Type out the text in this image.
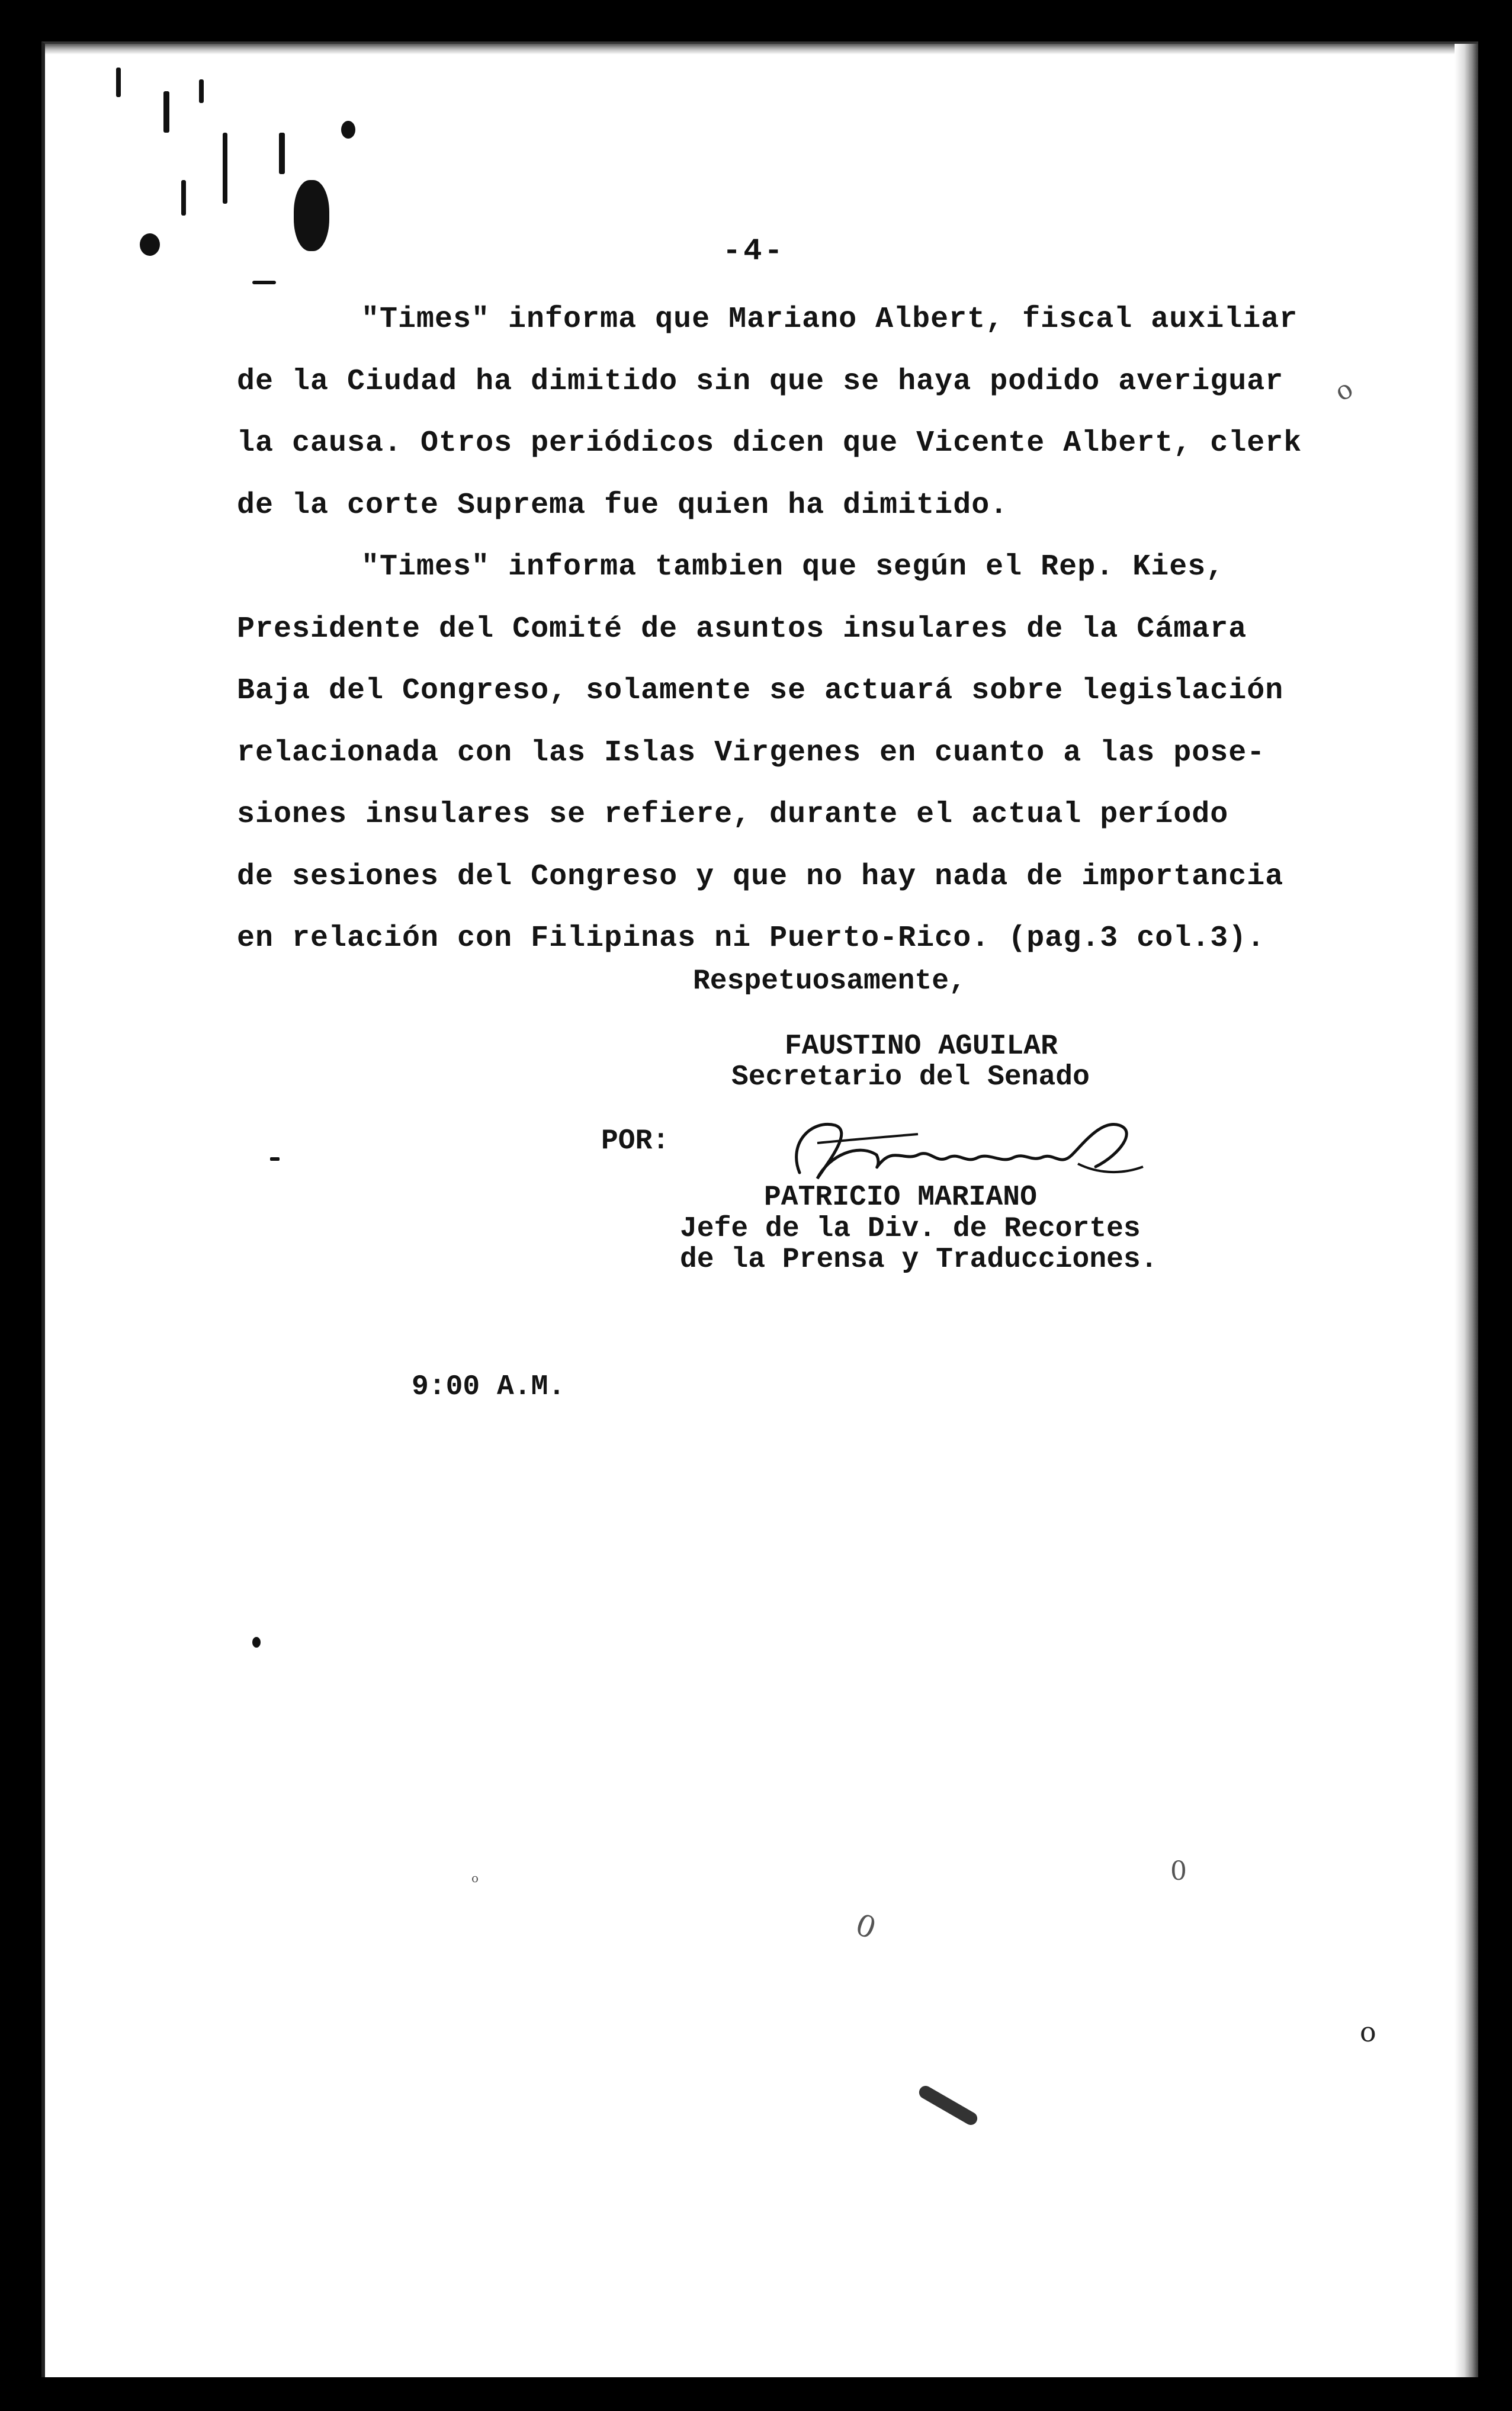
o
0
0
o
o
-4-
"Times" informa que Mariano Albert, fiscal auxiliar
de la Ciudad ha dimitido sin que se haya podido averiguar
la causa. Otros periódicos dicen que Vicente Albert, clerk
de la corte Suprema fue quien ha dimitido.
"Times" informa tambien que según el Rep. Kies,
Presidente del Comité de asuntos insulares de la Cámara
Baja del Congreso, solamente se actuará sobre legislación
relacionada con las Islas Virgenes en cuanto a las pose-
siones insulares se refiere, durante el actual período
de sesiones del Congreso y que no hay nada de importancia
en relación con Filipinas ni Puerto-Rico. (pag.3 col.3).
Respetuosamente,
FAUSTINO AGUILAR
Secretario del Senado
POR:
PATRICIO MARIANO
Jefe de la Div. de Recortes
de la Prensa y Traducciones.
9:00 A.M.
